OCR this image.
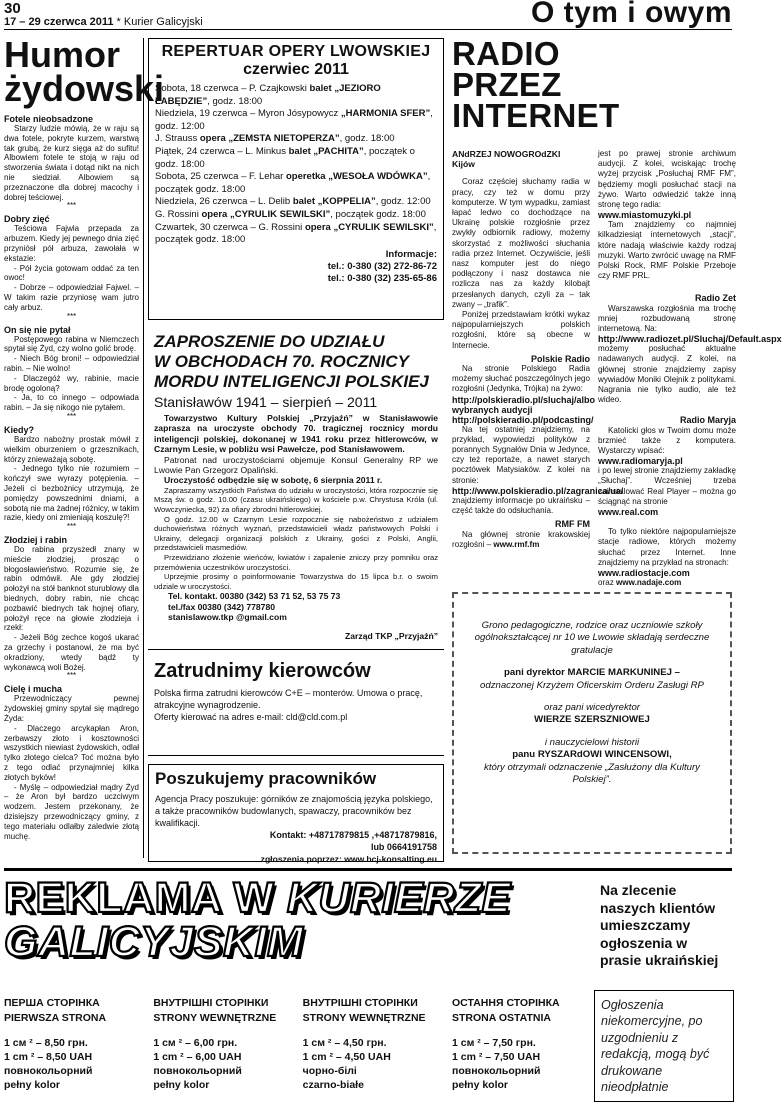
30
17 – 29 czerwca 2011 * Kurier Galicyjski	O tym i owym
Humor
żydowski
Fotele nieobsadzone

Starzy ludzie mówią, że w raju są dwa fotele, pokryte kurzem, warstwą tak grubą, że kurz sięga aż do sufitu! Albowiem fotele te stoją w raju od stworzenia świata i dotąd nikt na nich nie siedział. Albowiem są przeznaczone dla dobrej macochy i dobrej teściowej.

***
Dobry zięć

Teściowa Fajwla przepada za arbuzem. Kiedy jej pewnego dnia zięć przyniósł pół arbuza, zawołała w ekstazie:

- Pół życia gotowam oddać za ten owoc!

- Dobrze – odpowiedział Fajwel. – W takim razie przyniosę wam jutro cały arbuz.

***
On się nie pytał

Postępowego rabina w Niemczech spytał się Żyd, czy wolno golić brodę.

- Niech Bóg broni! – odpowiedział rabin. – Nie wolno!

- Dlaczegóż wy, rabinie, macie brodę ogoloną?

- Ja, to co innego – odpowiada rabin. – Ja się nikogo nie pytałem.

***
Kiedy?

Bardzo nabożny prostak mówił z wielkim oburzeniem o grzesznikach, którzy znieważają sobotę.

- Jednego tylko nie rozumiem – kończył swe wyrazy potępienia. – Jeżeli ci bezbożnicy utrzymują, że pomiędzy powszednimi dniami, a sobotą nie ma żadnej różnicy, w takim razie, kiedy oni zmieniają koszulę?!

***
Złodziej i rabin

Do rabina przyszedł znany w mieście złodziej, prosząc o błogosławieństwo. Rozumie się, że rabin odmówił. Ale gdy złodziej położył na stół banknot sturublowy dla biednych, dobry rabin, nie chcąc pozbawić biednych tak hojnej ofiary, położył ręce na głowie złodzieja i rzekł:

- Jeżeli Bóg zechce kogoś ukarać za grzechy i postanowi, że ma być okradziony, wtedy bądź ty wykonawcą woli Bożej.

***
Cielę i mucha

Przewodniczący pewnej żydowskiej gminy spytał się mądrego Żyda:

- Dlaczego arcykapłan Aron, zerbawszy złoto i kosztowności wszystkich niewiast żydowskich, odlał tylko złotego cielca? Toć można było z tego odlać przynajmniej kilka złotych byków!

- Myślę – odpowiedział mądry Żyd – że Aron był bardzo uczciwym wodzem. Jestem przekonany, że dzisiejszy przewodniczący gminy, z tego materiału odlałby zaledwie złotą muchę.

REPERTUAR OPERY LWOWSKIEJ
czerwiec 2011

Sobota, 18 czerwca – P. Czajkowski balet „JEZIORO ŁABĘDZIE”, godz. 18:00

Niedziela, 19 czerwca – Myron Jósypowycz „HARMONIA SFER”, godz. 12:00

J. Strauss opera „ZEMSTA NIETOPERZA”, godz. 18:00

Piątek, 24 czerwca – L. Minkus balet „PACHITA”, początek o godz. 18:00

Sobota, 25 czerwca – F. Lehar operetka „WESOŁA WDÓWKA”, początek godz. 18:00

Niedziela, 26 czerwca – L. Delib balet „KOPPELIA”, godz. 12:00

G. Rossini opera „CYRULIK SEWILSKI”, początek godz. 18:00

Czwartek, 30 czerwca – G. Rossini opera „CYRULIK SEWILSKI”, początek godz. 18:00

Informacje:
tel.: 0-380 (32) 272-86-72
tel.: 0-380 (32) 235-65-86
ZAPROSZENIE DO UDZIAŁU
W OBCHODACH 70. ROCZNICY
MORDU INTELIGENCJI POLSKIEJ
Stanisławów 1941 – sierpień – 2011

Towarzystwo Kultury Polskiej „Przyjaźń” w Stanisławowie zaprasza na uroczyste obchody 70. tragicznej rocznicy mordu inteligencji polskiej, dokonanej w 1941 roku przez hitlerowców, w Czarnym Lesie, w pobliżu wsi Pawełcze, pod Stanisławowem.

Patronat nad uroczystościami objemuje Konsul Generalny RP we Lwowie Pan Grzegorz Opaliński.

Uroczystość odbędzie się w sobotę, 6 sierpnia 2011 r.

Zapraszamy wszystkich Państwa do udziału w uroczystości, która rozpocznie się Mszą św. o godz. 10.00 (czasu ukraińskiego) w kościele p.w. Chrystusa Króla (ul. Wowczyniecka, 92) za ofiary zbrodni hitlerowskiej.

O godz. 12.00 w Czarnym Lesie rozpocznie się nabożeństwo z udziałem duchowieństwa różnych wyznań, przedstawicieli władz państwowych Polski i Ukrainy, delegacji organizacji polskich z Ukrainy, gości z Polski, Anglii, przedstawicieli masmediów.

Przewidziano złożenie wieńców, kwiatów i zapalenie zniczy przy pomniku oraz przemówienia uczestników uroczystości.

Uprzejmie prosimy o poinformowanie Towarzystwa do 15 lipca b.r. o swoim udziale w uroczystości.

Tel. kontakt. 00380 (342) 53 71 52, 53 75 73

tel./fax 00380 (342) 778780

stanislawow.tkp @gmail.com

Zarząd TKP „Przyjaźń”

Zatrudnimy kierowców

Polska firma zatrudni kierowców C+E – monterów. Umowa o pracę, atrakcyjne wynagrodzenie.

Oferty kierować na adres e-mail: cld@cld.com.pl

Poszukujemy pracowników

Agencja Pracy poszukuje: górników ze znajomością języka polskiego, a także pracowników budowlanych, spawaczy, pracowników bez kwalifikacji.

Kontakt: +48717879815 ,+48717879816,

lub 0664191758

zgłoszenia poprzez: www.bcj-konsalting.eu

RADIO
PRZEZ INTERNET

ANdRZEJ NOWOGROdZKI

Kijów

Coraz częściej słuchamy radia w pracy, czy też w domu przy komputerze. W tym wypadku, zamiast łapać ledwo co dochodzące na Ukrainę polskie rozgłośnie przez zwykły odbiornik radiowy, możemy skorzystać z możliwości słuchania radia przez Internet. Oczywiście, jeśli nasz komputer jest do niego podłączony i nasz dostawca nie rozlicza nas za każdy kilobajt przesłanych danych, czyli za – tak zwany – „trafik”.

Poniżej przedstawiam krótki wykaz najpopularniejszych polskich rozgłośni, które są obecne w Internecie.

Polskie Radio

Na stronie Polskiego Radia możemy słuchać poszczególnych jego rozgłośni (Jedynka, Trójka) na żywo:

http://polskieradio.pl/sluchaj/albo wybranych audycji

http://polskieradio.pl/podcasting/

Na tej ostatniej znajdziemy, na przykład, wypowiedzi polityków z porannych Sygnałów Dnia w Jedynce, czy też reportaże, a nawet starych pocztówek Matysiaków. Z kolei na stronie:

http://www.polskieradio.pl/zagranica/ua/

znajdziemy informacje po ukraińsku – część także do odsłuchania.

RMF FM

Na głównej stronie krakowskiej rozgłośni – www.rmf.fm

jest po prawej stronie archiwum audycji. Z kolei, wciskając trochę wyżej przycisk „Posłuchaj RMF FM”, będziemy mogli posłuchać stacji na żywo. Warto odwiedzić także inną stronę tego radia:

www.miastomuzyki.pl

Tam znajdziemy co najmniej kilkadziesiąt internetowych „stacji”, które nadają właściwie każdy rodzaj muzyki. Warto zwrócić uwagę na RMF Polski Rock, RMF Polskie Przeboje czy RMF PRL.

Radio Zet

Warszawska rozgłośnia ma trochę mniej rozbudowaną stronę internetową. Na:

http://www.radiozet.pl/Sluchaj/Default.aspx

możemy posłuchać aktualne nadawanych audycji. Z kolei, na głównej stronie znajdziemy zapisy wywiadów Moniki Olejnik z politykami. Nagrania nie tylko audio, ale też wideo.

Radio Maryja

Katolicki głos w Twoim domu może brzmieć także z komputera. Wystarczy wpisać:

www.radiomaryja.pl

i po lewej stronie znajdziemy zakładkę „Słuchaj”. Wcześniej trzeba zainstalować Real Player – można go ściągnąć na stronie

www.real.com

To tylko niektóre najpopularniejsze stacje radiowe, których możemy słuchać przez Internet. Inne znajdziemy na przykład na stronach:

www.radiostacje.com

oraz www.nadaje.com

Grono pedagogiczne, rodzice oraz uczniowie szkoły ogólnokształcącej nr 10 we Lwowie składają serdeczne gratulacje

pani dyrektor MARCIE MARKUNINEJ –

odznaczonej Krzyżem Oficerskim Orderu Zasługi RP

oraz pani wicedyrektor

WIERZE SZERSZNIOWEJ

i nauczycielowi historii

panu RYSZARdOWI WINCENSOWI,

który otrzymali odznaczenie „Zasłużony dla Kultury Polskiej”.

REKLAMA W KURIERZE
GALICYJSKIM
Na zlecenie naszych klientów umieszczamy ogłoszenia w prasie ukraińskiej
ПЕРША СТОРІНКА
PIERWSZA STRONA
1 см ² – 8,50 грн.
1 cm ² – 8,50 UAH
повнокольорний
pełny kolor
ВНУТРІШНІ СТОРІНКИ
STRONY WEWNĘTRZNE
1 см ² – 6,00 грн.
1 cm ² – 6,00 UAH
повнокольорний
pełny kolor
ВНУТРІШНІ СТОРІНКИ
STRONY WEWNĘTRZNE
1 см ² – 4,50 грн.
1 cm ² – 4,50 UAH
чорно-білі
czarno-białe
ОСТАННЯ СТОРІНКА
STRONA OSTATNIA
1 см ² – 7,50 грн.
1 cm ² – 7,50 UAH
повнокольорний
pełny kolor

Ogłoszenia niekomercyjne, po uzgodnieniu z redakcją, mogą być drukowane nieodpłatnie
